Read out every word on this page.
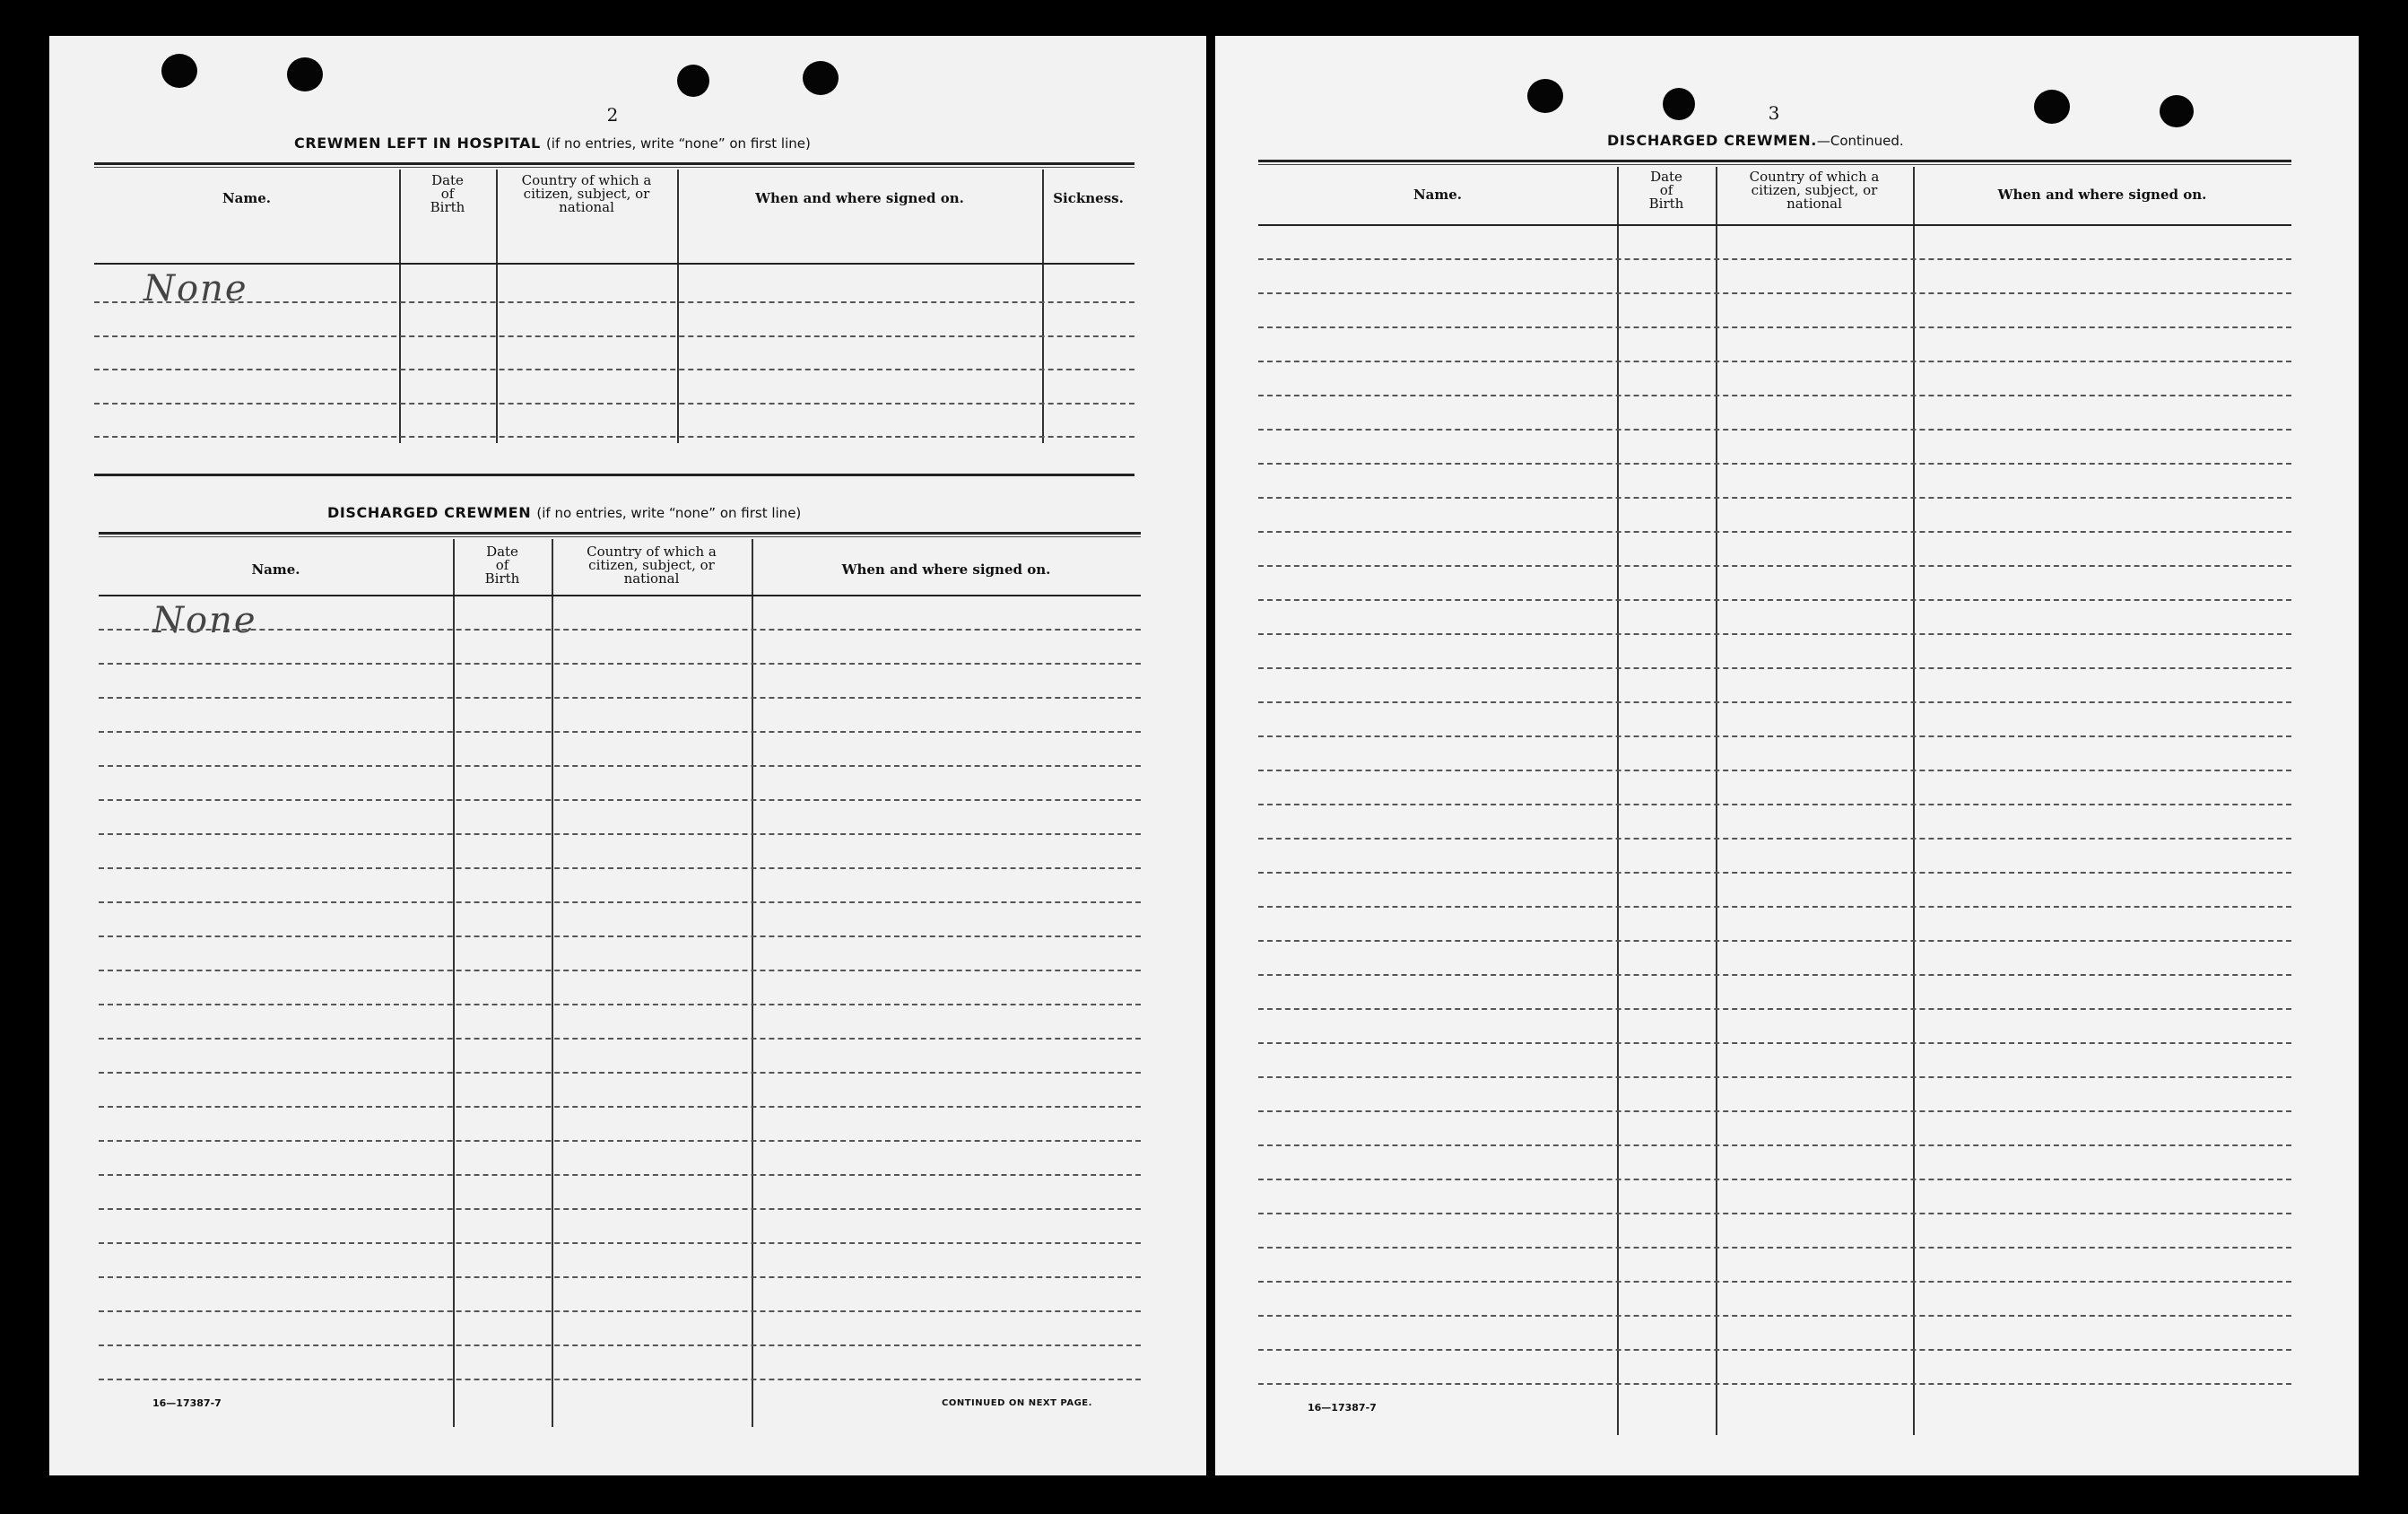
2
CREWMEN LEFT IN HOSPITAL (if no entries, write “none” on first line)
Name.
Date
of
Birth
Country of which a
citizen, subject, or
national
When and where signed on.	Sickness.
None
DISCHARGED CREWMEN (if no entries, write “none” on first line)
Name.
Date
of
Birth
Country of which a
citizen, subject, or
national
When and where signed on.
None
16—17387-7	CONTINUED ON NEXT PAGE.
3
DISCHARGED CREWMEN.—Continued.
Name.
Date
of
Birth
Country of which a
citizen, subject, or
national
When and where signed on.
16—17387-7
